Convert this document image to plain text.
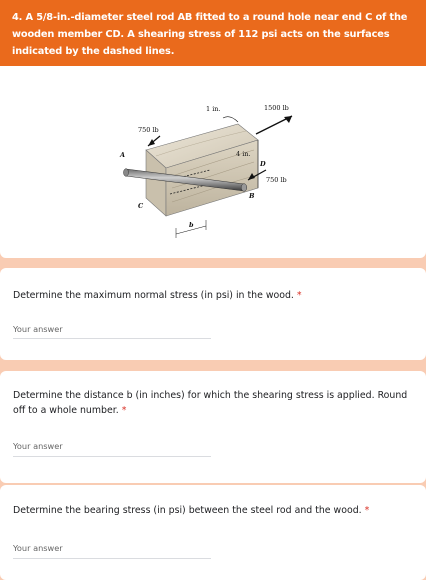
4. A 5/8-in.-diameter steel rod AB fitted to a round hole near end C of the wooden member CD. A shearing stress of 112 psi acts on the surfaces indicated by the dashed lines.
1 in.
4 in.
1500 lb
750 lb
750 lb
A
B
C
D
b
Determine the maximum normal stress (in psi) in the wood. *
Your answer
Determine the distance b (in inches) for which the shearing stress is applied. Round off to a whole number. *
Your answer
Determine the bearing stress (in psi) between the steel rod and the wood. *
Your answer
